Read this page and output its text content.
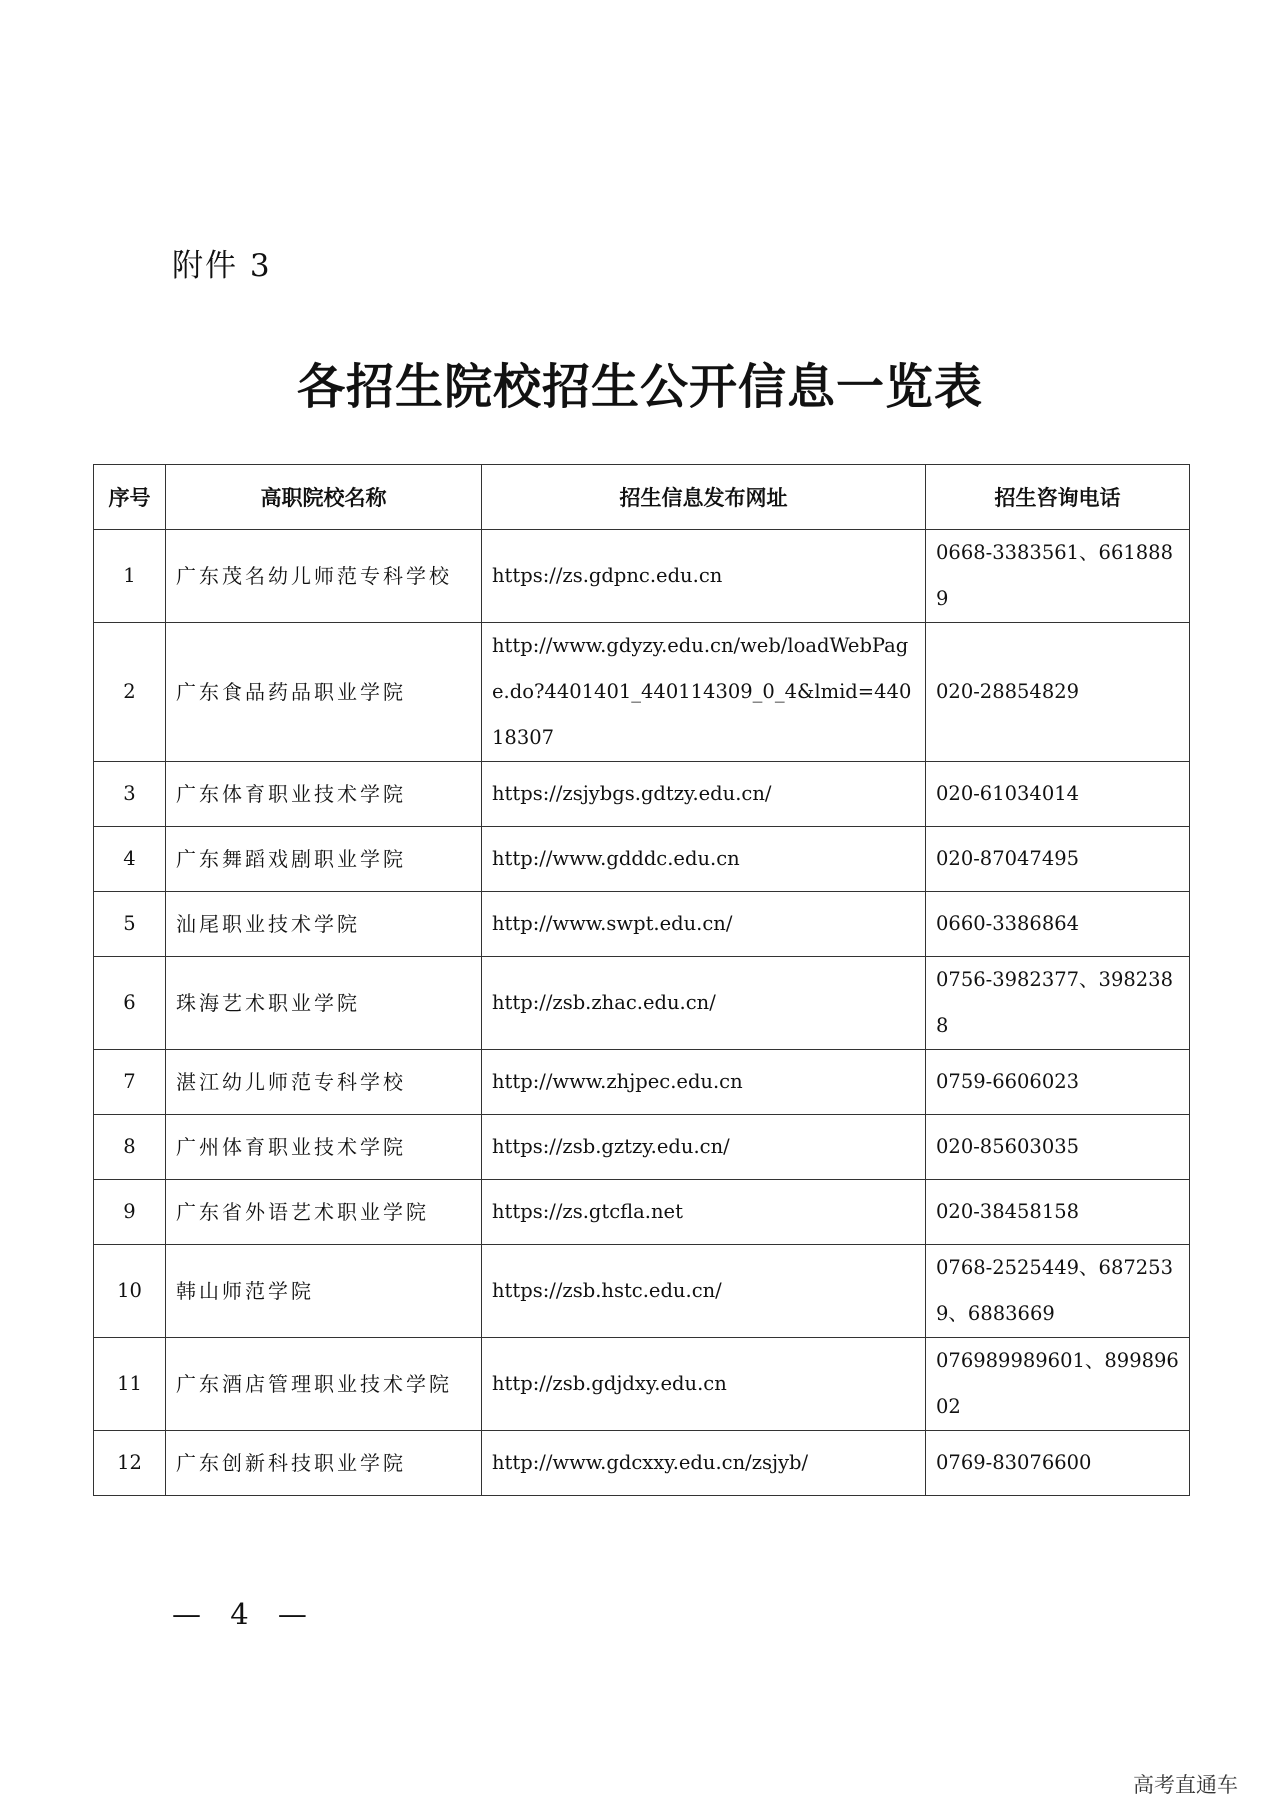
附件 3
各招生院校招生公开信息一览表
序号	高职院校名称	招生信息发布网址	招生咨询电话
1	广东茂名幼儿师范专科学校	https://zs.gdpnc.edu.cn	0668-3383561、6618889
2	广东食品药品职业学院	http://www.gdyzy.edu.cn/web/loadWebPage.do?4401401_440114309_0_4&lmid=44018307	020-28854829
3	广东体育职业技术学院	https://zsjybgs.gdtzy.edu.cn/	020-61034014
4	广东舞蹈戏剧职业学院	http://www.gdddc.edu.cn	020-87047495
5	汕尾职业技术学院	http://www.swpt.edu.cn/	0660-3386864
6	珠海艺术职业学院	http://zsb.zhac.edu.cn/	0756-3982377、3982388
7	湛江幼儿师范专科学校	http://www.zhjpec.edu.cn	0759-6606023
8	广州体育职业技术学院	https://zsb.gztzy.edu.cn/	020-85603035
9	广东省外语艺术职业学院	https://zs.gtcfla.net	020-38458158
10	韩山师范学院	https://zsb.hstc.edu.cn/	0768-2525449、6872539、6883669
11	广东酒店管理职业技术学院	http://zsb.gdjdxy.edu.cn	076989989601、89989602
12	广东创新科技职业学院	http://www.gdcxxy.edu.cn/zsjyb/	0769-83076600
— 4 —
高考直通车
